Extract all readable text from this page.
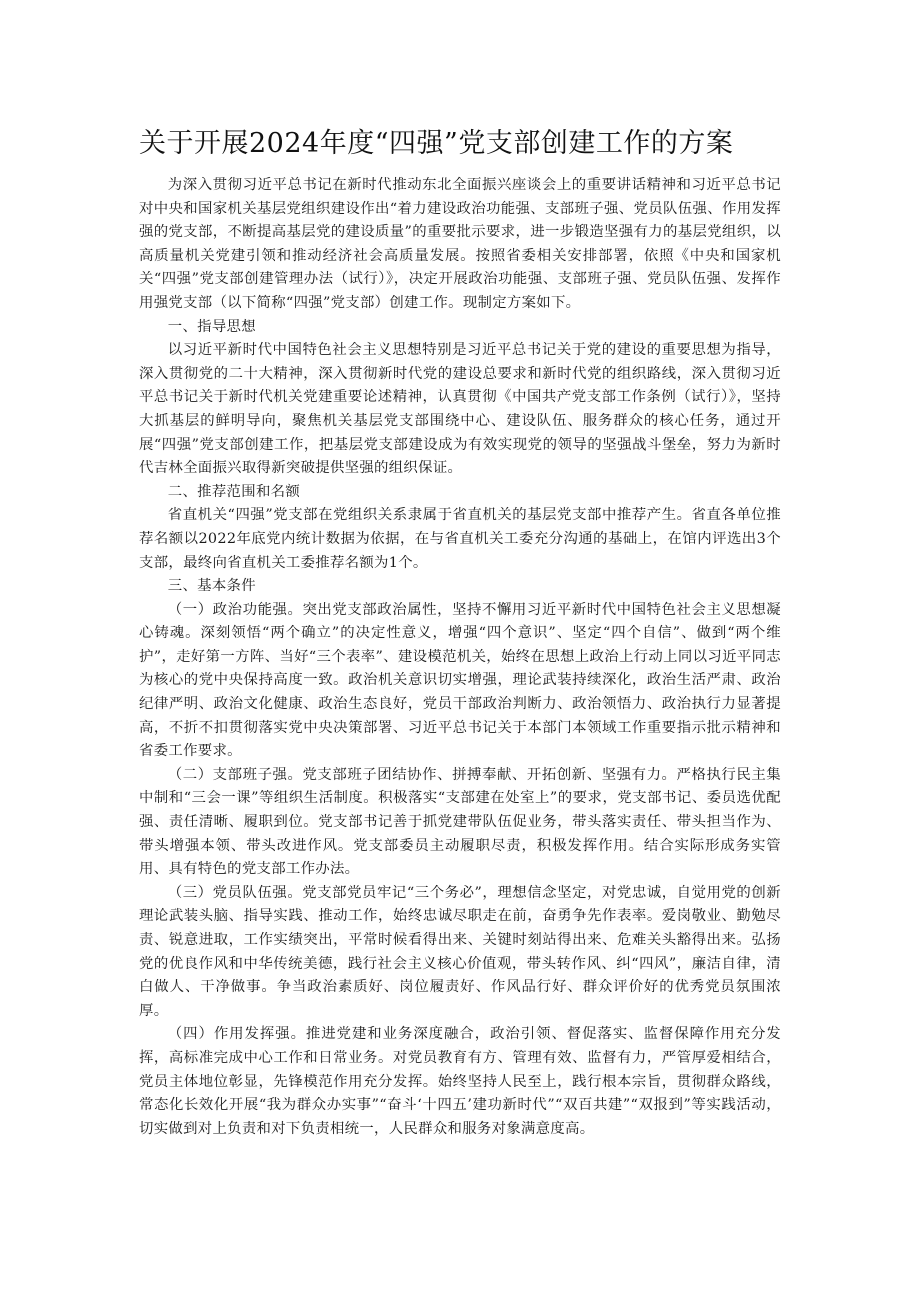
关于开展2024年度“四强”党支部创建工作的方案

为深入贯彻习近平总书记在新时代推动东北全面振兴座谈会上的重要讲话精神和习近平总书记对中央和国家机关基层党组织建设作出“着力建设政治功能强、支部班子强、党员队伍强、作用发挥强的党支部，不断提高基层党的建设质量”的重要批示要求，进一步锻造坚强有力的基层党组织，以高质量机关党建引领和推动经济社会高质量发展。按照省委相关安排部署，依照《中央和国家机关“四强”党支部创建管理办法（试行）》，决定开展政治功能强、支部班子强、党员队伍强、发挥作用强党支部（以下简称“四强”党支部）创建工作。现制定方案如下。

一、指导思想

以习近平新时代中国特色社会主义思想特别是习近平总书记关于党的建设的重要思想为指导，深入贯彻党的二十大精神，深入贯彻新时代党的建设总要求和新时代党的组织路线，深入贯彻习近平总书记关于新时代机关党建重要论述精神，认真贯彻《中国共产党支部工作条例（试行）》，坚持大抓基层的鲜明导向，聚焦机关基层党支部围绕中心、建设队伍、服务群众的核心任务，通过开展“四强”党支部创建工作，把基层党支部建设成为有效实现党的领导的坚强战斗堡垒，努力为新时代吉林全面振兴取得新突破提供坚强的组织保证。

二、推荐范围和名额

省直机关“四强”党支部在党组织关系隶属于省直机关的基层党支部中推荐产生。省直各单位推荐名额以2022年底党内统计数据为依据，在与省直机关工委充分沟通的基础上，在馆内评选出3个支部，最终向省直机关工委推荐名额为1个。

三、基本条件

（一）政治功能强。突出党支部政治属性，坚持不懈用习近平新时代中国特色社会主义思想凝心铸魂。深刻领悟“两个确立”的决定性意义，增强“四个意识”、坚定“四个自信”、做到“两个维护”，走好第一方阵、当好“三个表率”、建设模范机关，始终在思想上政治上行动上同以习近平同志为核心的党中央保持高度一致。政治机关意识切实增强，理论武装持续深化，政治生活严肃、政治纪律严明、政治文化健康、政治生态良好，党员干部政治判断力、政治领悟力、政治执行力显著提高，不折不扣贯彻落实党中央决策部署、习近平总书记关于本部门本领域工作重要指示批示精神和省委工作要求。

（二）支部班子强。党支部班子团结协作、拼搏奉献、开拓创新、坚强有力。严格执行民主集中制和“三会一课”等组织生活制度。积极落实“支部建在处室上”的要求，党支部书记、委员选优配强、责任清晰、履职到位。党支部书记善于抓党建带队伍促业务，带头落实责任、带头担当作为、带头增强本领、带头改进作风。党支部委员主动履职尽责，积极发挥作用。结合实际形成务实管用、具有特色的党支部工作办法。

（三）党员队伍强。党支部党员牢记“三个务必”，理想信念坚定，对党忠诚，自觉用党的创新理论武装头脑、指导实践、推动工作，始终忠诚尽职走在前，奋勇争先作表率。爱岗敬业、勤勉尽责、锐意进取，工作实绩突出，平常时候看得出来、关键时刻站得出来、危难关头豁得出来。弘扬党的优良作风和中华传统美德，践行社会主义核心价值观，带头转作风、纠“四风”，廉洁自律，清白做人、干净做事。争当政治素质好、岗位履责好、作风品行好、群众评价好的优秀党员氛围浓厚。

（四）作用发挥强。推进党建和业务深度融合，政治引领、督促落实、监督保障作用充分发挥，高标准完成中心工作和日常业务。对党员教育有方、管理有效、监督有力，严管厚爱相结合，党员主体地位彰显，先锋模范作用充分发挥。始终坚持人民至上，践行根本宗旨，贯彻群众路线，常态化长效化开展“我为群众办实事”“奋斗‘十四五’建功新时代”“双百共建”“双报到”等实践活动，切实做到对上负责和对下负责相统一，人民群众和服务对象满意度高。
